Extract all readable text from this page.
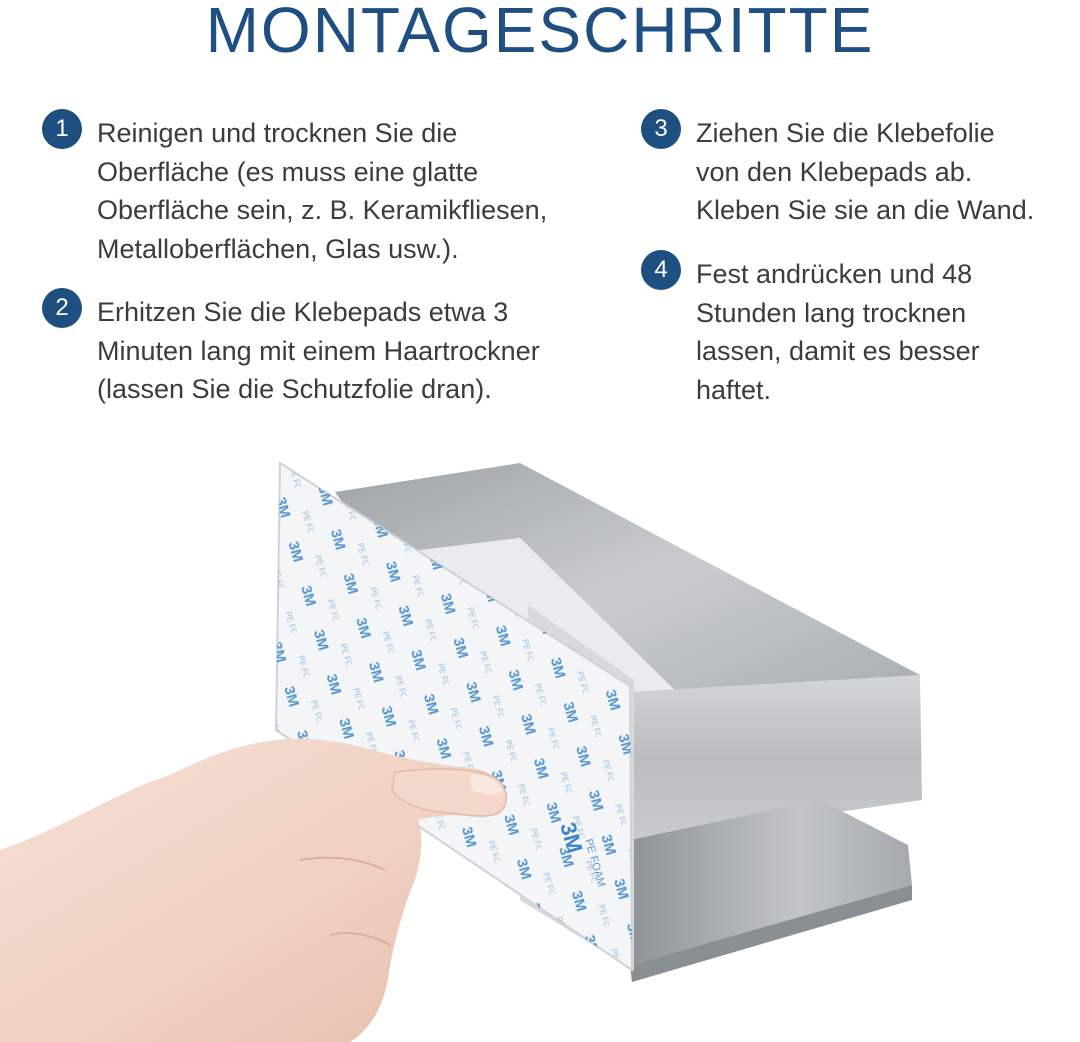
MONTAGESCHRITTE
1	Reinigen und trocknen Sie die
Oberfläche (es muss eine glatte
Oberfläche sein, z. B. Keramikfliesen,
Metalloberflächen, Glas usw.).
2	Erhitzen Sie die Klebepads etwa 3
Minuten lang mit einem Haartrockner
(lassen Sie die Schutzfolie dran).
3	Ziehen Sie die Klebefolie
von den Klebepads ab.
Kleben Sie sie an die Wand.
4	Fest andrücken und 48
Stunden lang trocknen
lassen, damit es besser
haftet.
3M
PE FOAM
